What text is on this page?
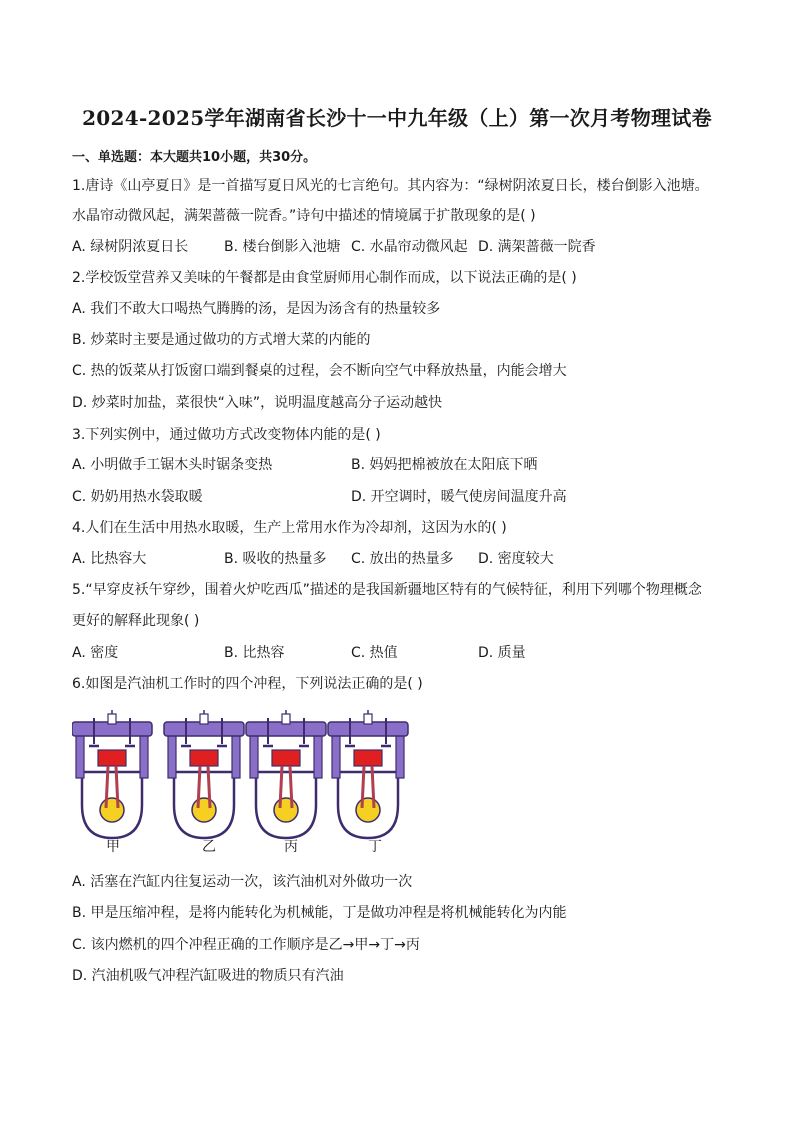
2024-2025学年湖南省长沙十一中九年级（上）第一次月考物理试卷
一、单选题：本大题共10小题，共30分。
1.唐诗《山亭夏日》是一首描写夏日风光的七言绝句。其内容为：“绿树阴浓夏日长，楼台倒影入池塘。
水晶帘动微风起，满架蔷薇一院香。”诗句中描述的情境属于扩散现象的是( )
A. 绿树阴浓夏日长	B. 楼台倒影入池塘 C. 水晶帘动微风起 D. 满架蔷薇一院香
2.学校饭堂营养又美味的午餐都是由食堂厨师用心制作而成，以下说法正确的是( )
A. 我们不敢大口喝热气腾腾的汤，是因为汤含有的热量较多
B. 炒菜时主要是通过做功的方式增大菜的内能的
C. 热的饭菜从打饭窗口端到餐桌的过程，会不断向空气中释放热量，内能会增大
D. 炒菜时加盐，菜很快“入味”，说明温度越高分子运动越快
3.下列实例中，通过做功方式改变物体内能的是( )
A. 小明做手工锯木头时锯条变热	B. 妈妈把棉被放在太阳底下晒
C. 奶奶用热水袋取暖	D. 开空调时，暖气使房间温度升高
4.人们在生活中用热水取暖，生产上常用水作为冷却剂，这因为水的( )
A. 比热容大	B. 吸收的热量多 C. 放出的热量多 D. 密度较大
5.“早穿皮袄午穿纱，围着火炉吃西瓜”描述的是我国新疆地区特有的气候特征，利用下列哪个物理概念
更好的解释此现象( )
A. 密度	B. 比热容	C. 热值	D. 质量
6.如图是汽油机工作时的四个冲程，下列说法正确的是( )
甲	乙	丙	丁
A. 活塞在汽缸内往复运动一次，该汽油机对外做功一次
B. 甲是压缩冲程，是将内能转化为机械能，丁是做功冲程是将机械能转化为内能
C. 该内燃机的四个冲程正确的工作顺序是乙→甲→丁→丙
D. 汽油机吸气冲程汽缸吸进的物质只有汽油
